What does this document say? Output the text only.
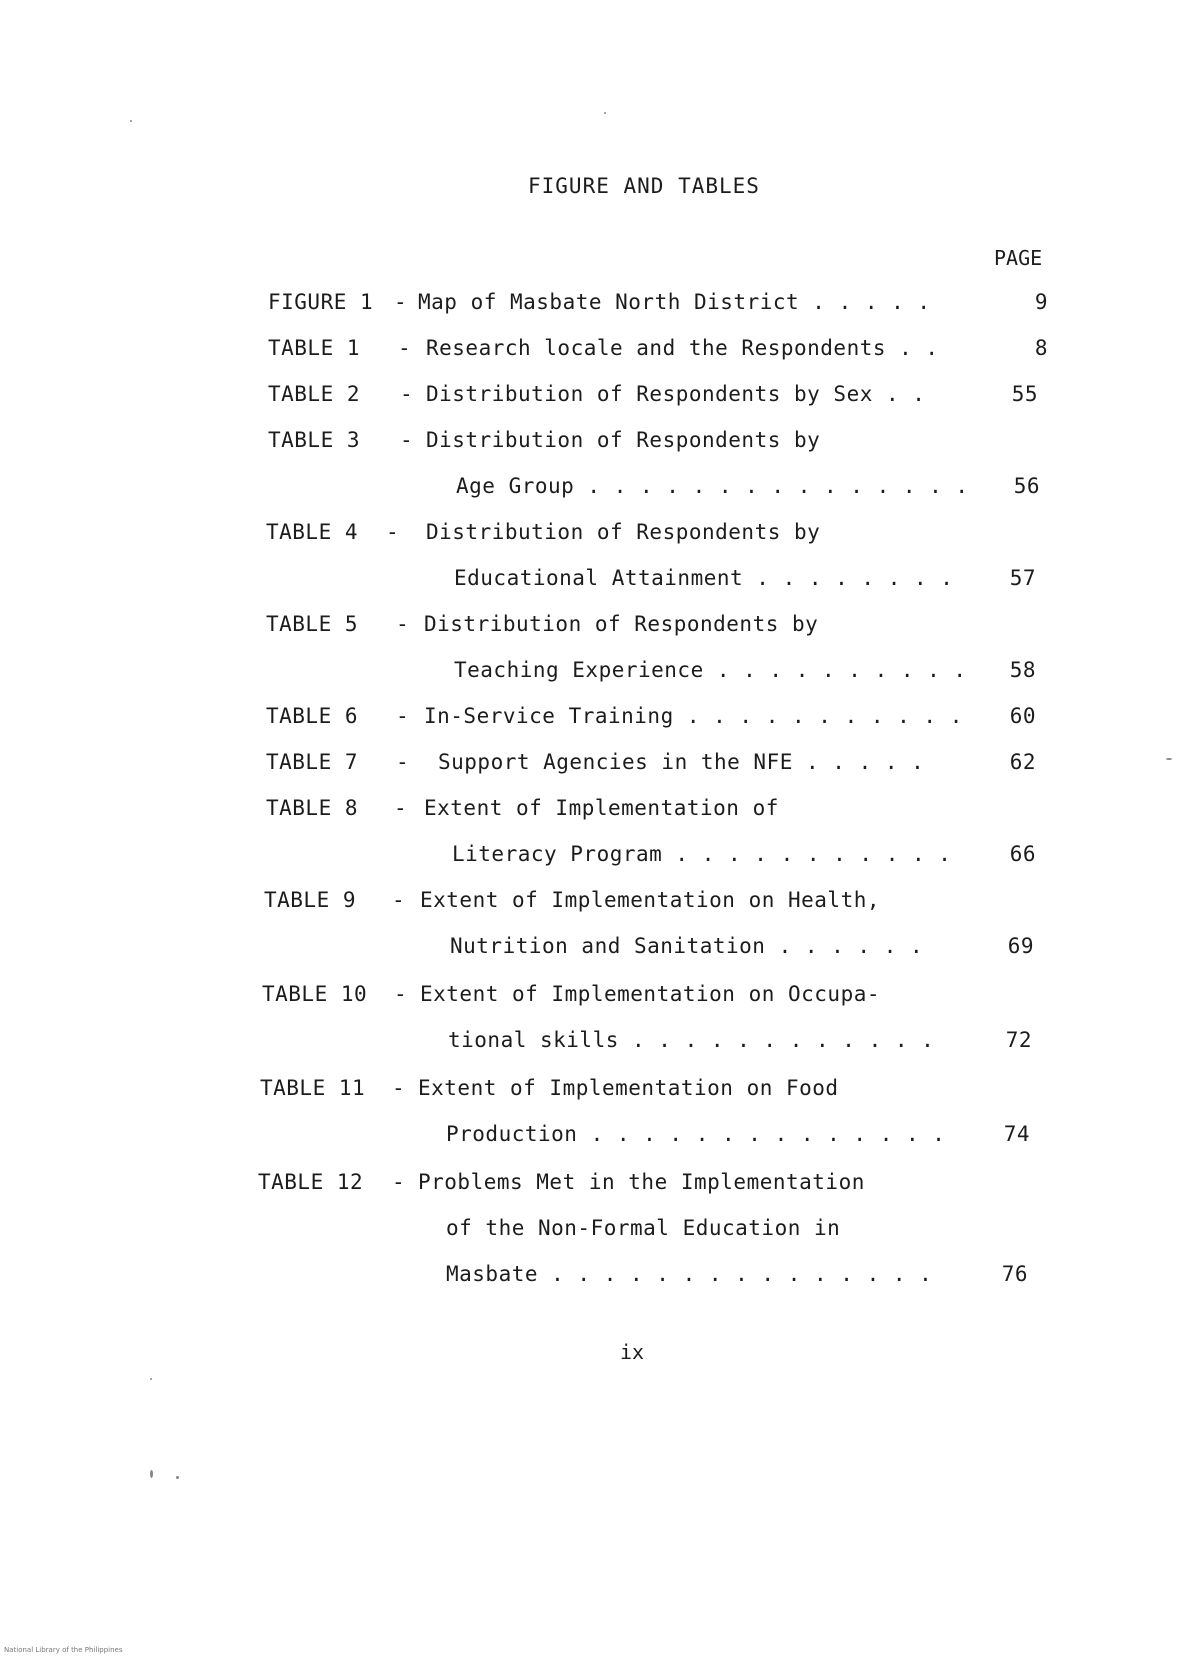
FIGURE AND TABLES
PAGE
FIGURE 1 - Map of Masbate North District . . . . .	9
TABLE 1 - Research locale and the Respondents . .	8
TABLE 2 - Distribution of Respondents by Sex . .	55
TABLE 3 - Distribution of Respondents by
Age Group . . . . . . . . . . . . . . .	56
TABLE 4 - Distribution of Respondents by
Educational Attainment . . . . . . . .	57
TABLE 5 - Distribution of Respondents by
Teaching Experience . . . . . . . . . .	58
TABLE 6 - In-Service Training . . . . . . . . . . .	60
TABLE 7 - Support Agencies in the NFE . . . . .	62
TABLE 8 - Extent of Implementation of
Literacy Program . . . . . . . . . . .	66
TABLE 9 - Extent of Implementation on Health,
Nutrition and Sanitation . . . . . .	69
TABLE 10 - Extent of Implementation on Occupa-
tional skills . . . . . . . . . . . .	72
TABLE 11 - Extent of Implementation on Food
Production . . . . . . . . . . . . . .	74
TABLE 12 - Problems Met in the Implementation
of the Non-Formal Education in
Masbate . . . . . . . . . . . . . . .	76
ix
National Library of the Philippines
